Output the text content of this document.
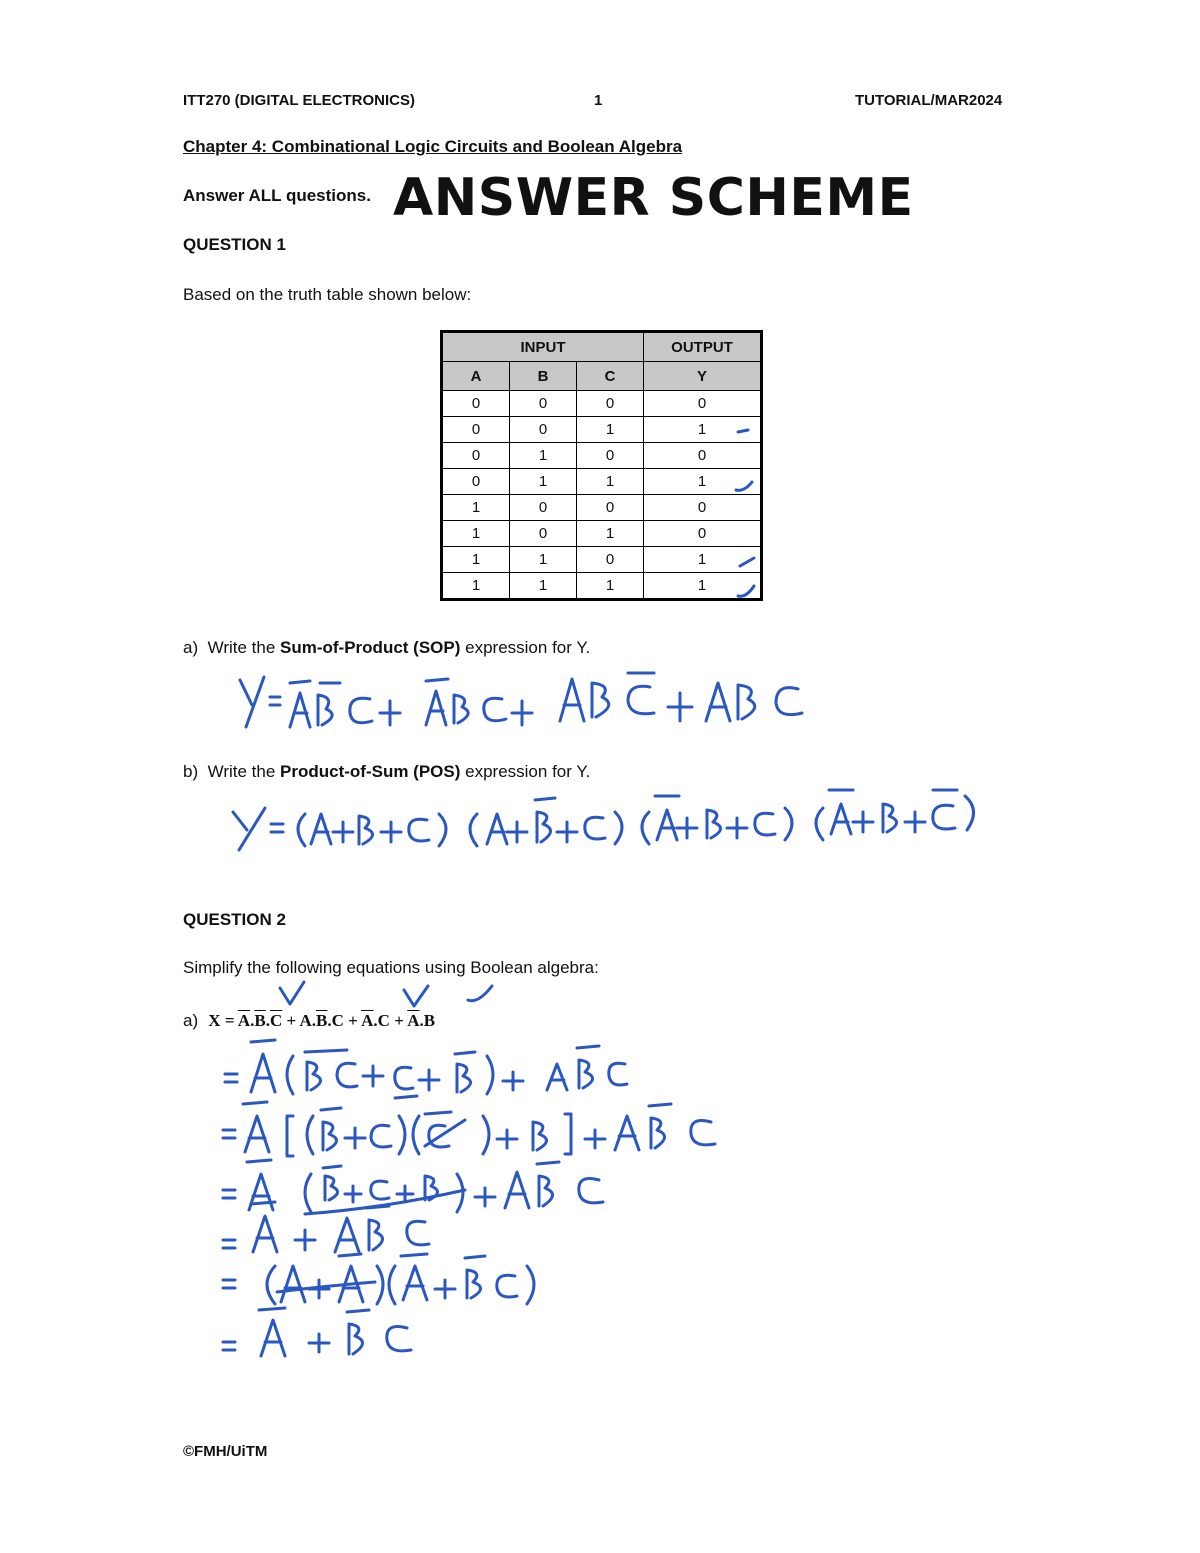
ITT270 (DIGITAL ELECTRONICS)	1	TUTORIAL/MAR2024
Chapter 4: Combinational Logic Circuits and Boolean Algebra
Answer ALL questions. ANSWER SCHEME
QUESTION 1
Based on the truth table shown below:
INPUT			OUTPUT
A	B	C	Y
0	0	0	0
0	0	1	1
0	1	0	0
0	1	1	1
1	0	0	0
1	0	1	0
1	1	0	1
1	1	1	1
a) Write the Sum-of-Product (SOP) expression for Y.
b) Write the Product-of-Sum (POS) expression for Y.
QUESTION 2
Simplify the following equations using Boolean algebra:
a) $X = \overline{A}.\overline{B}.\overline{C} + A.\overline{B}.C + \overline{A}.C + \overline{A}.B$
©FMH/UiTM
